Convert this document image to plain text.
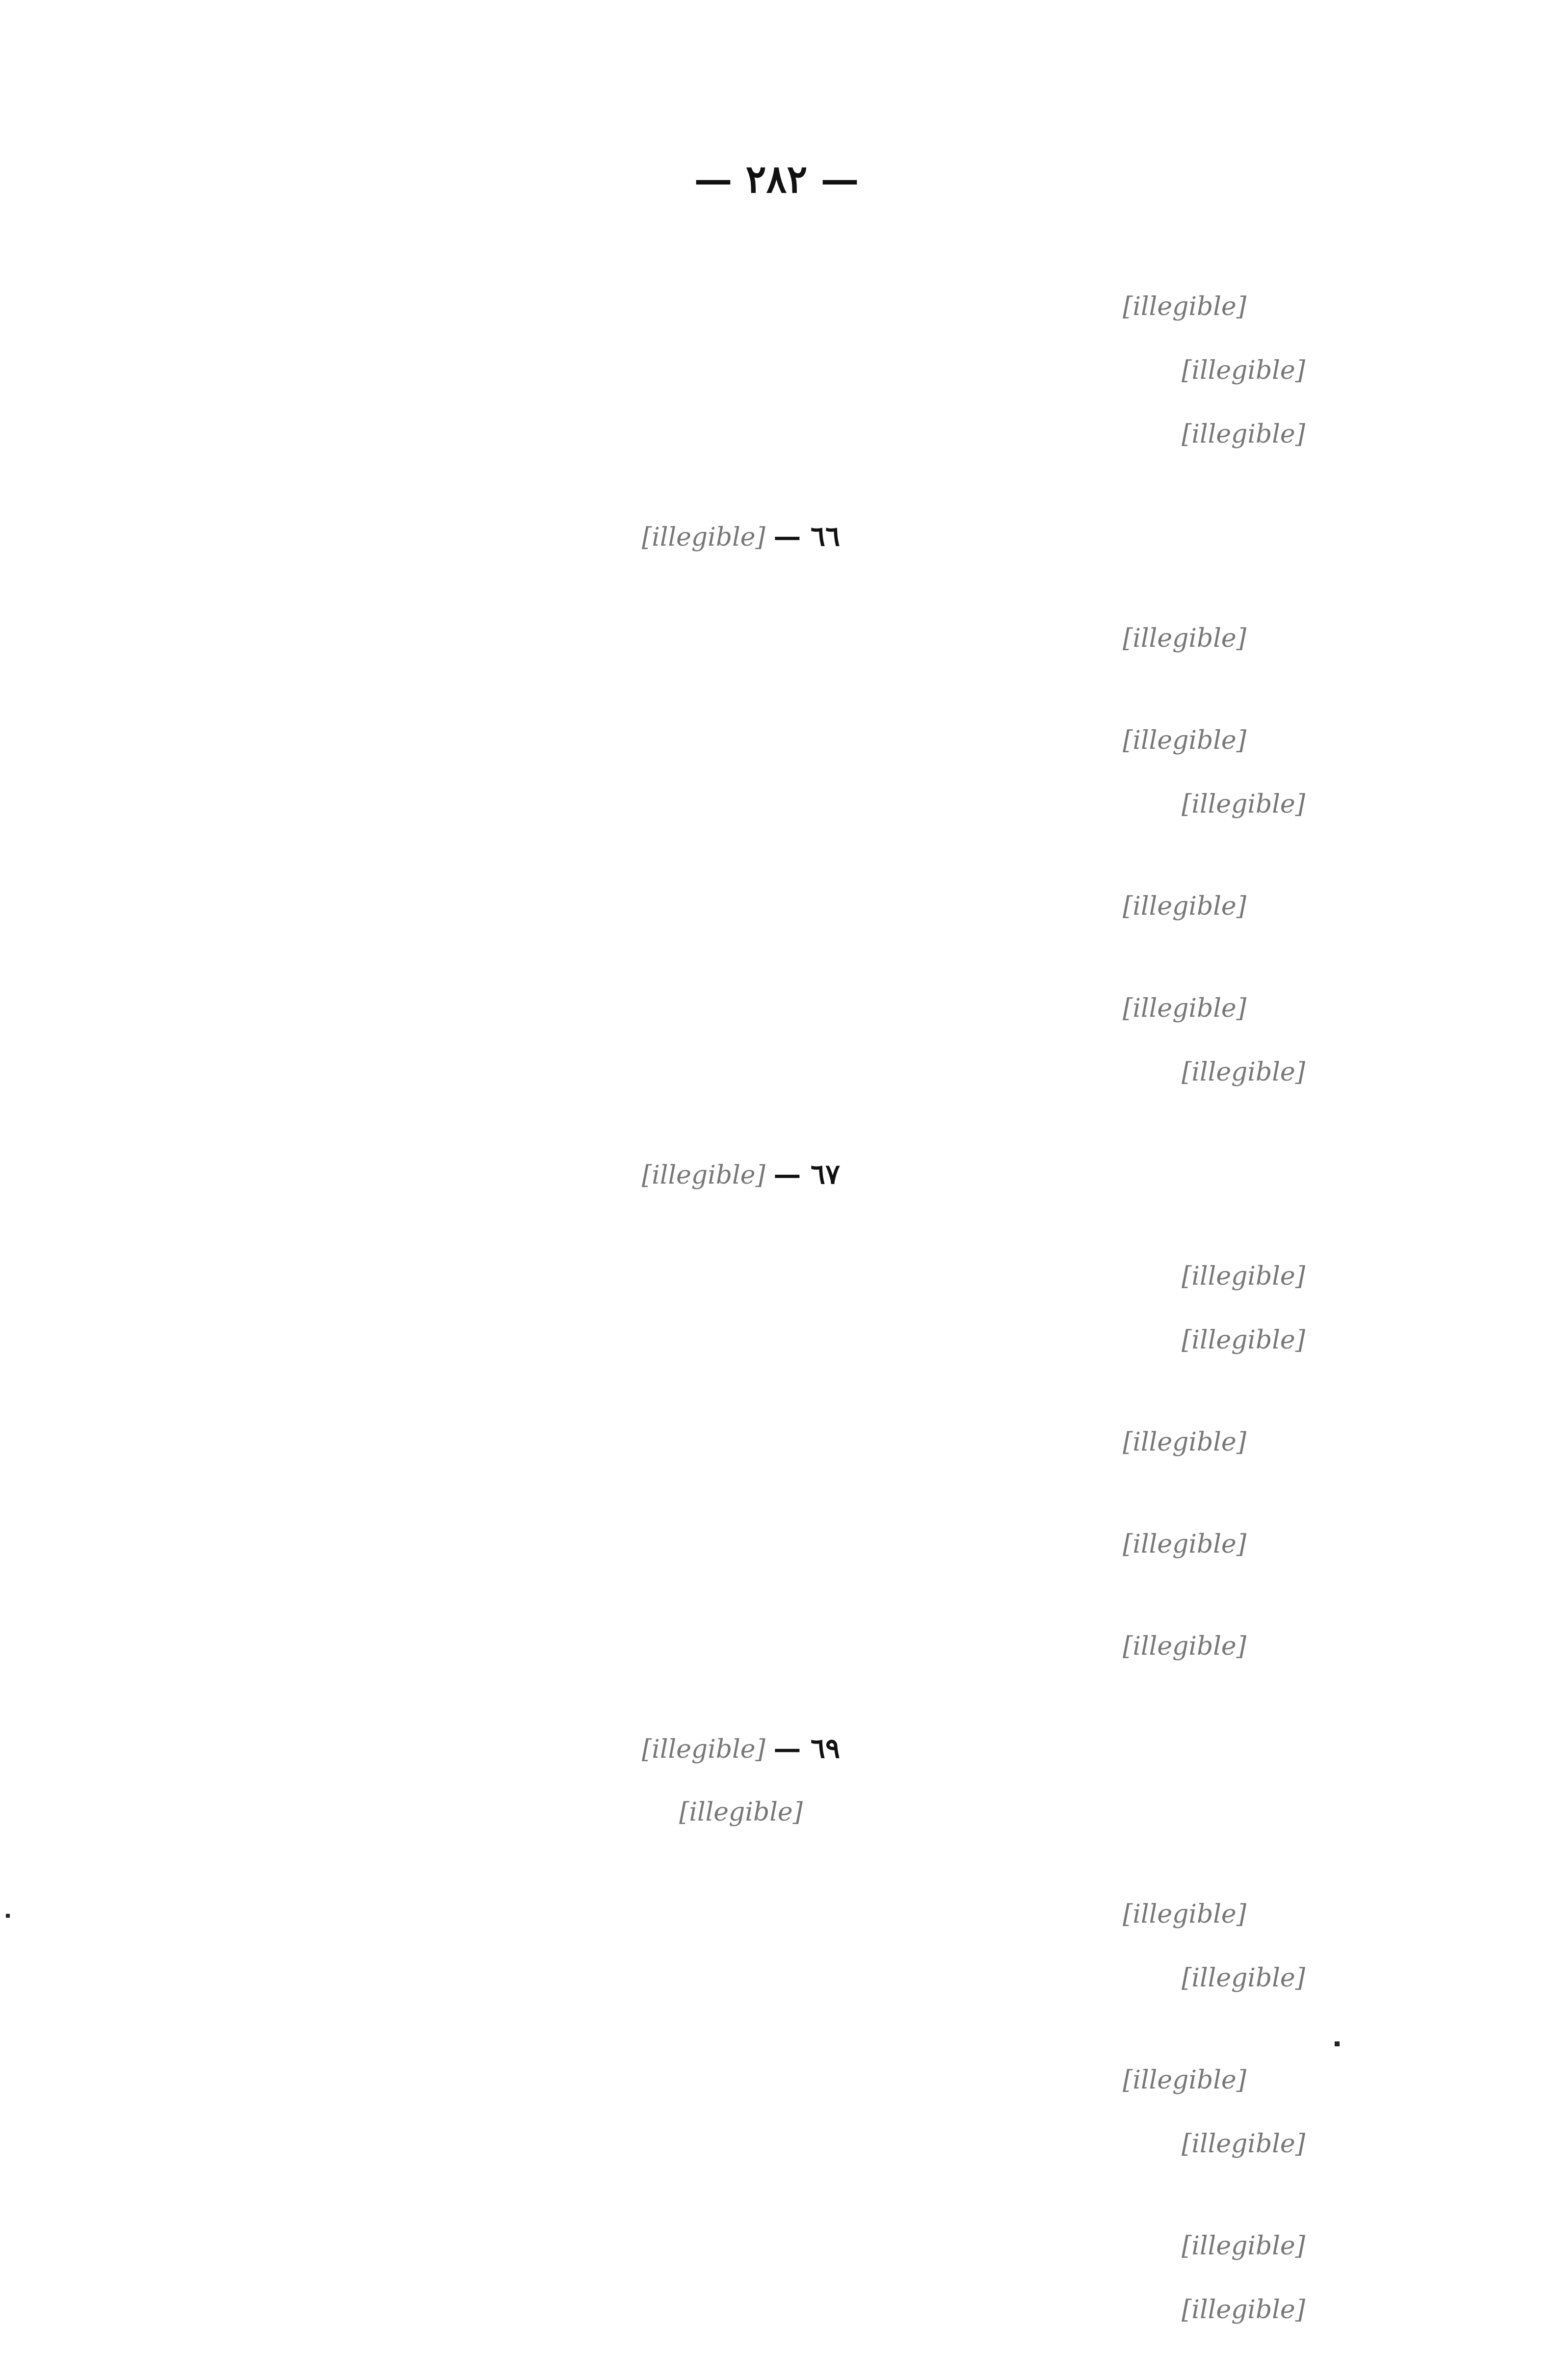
— ٢٨٢ —
[illegible]
[illegible]
[illegible]
٦٦ — [illegible]
[illegible]
[illegible]
[illegible]
[illegible]
[illegible]
[illegible]
٦٧ — [illegible]
[illegible]
[illegible]
[illegible]
[illegible]
[illegible]
٦٩ — [illegible]
[illegible]
[illegible]
[illegible]
[illegible]
[illegible]
[illegible]
[illegible]
